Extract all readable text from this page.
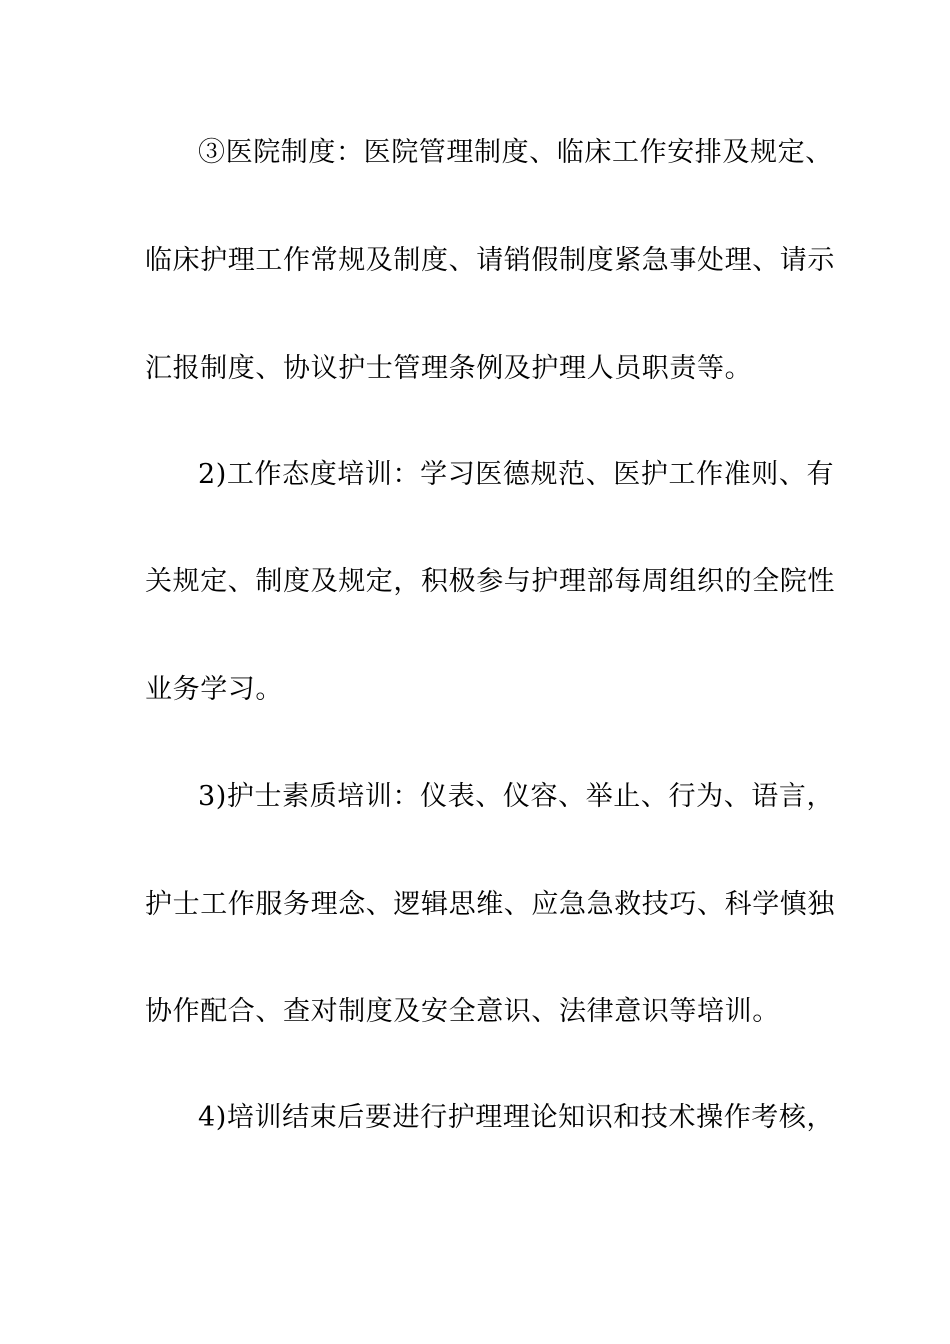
③医院制度：医院管理制度、临床工作安排及规定、
临床护理工作常规及制度、请销假制度紧急事处理、请示
汇报制度、协议护士管理条例及护理人员职责等。
2)工作态度培训：学习医德规范、医护工作准则、有
关规定、制度及规定，积极参与护理部每周组织的全院性
业务学习。
3)护士素质培训：仪表、仪容、举止、行为、语言，
护士工作服务理念、逻辑思维、应急急救技巧、科学慎独
协作配合、查对制度及安全意识、法律意识等培训。
4)培训结束后要进行护理理论知识和技术操作考核，
